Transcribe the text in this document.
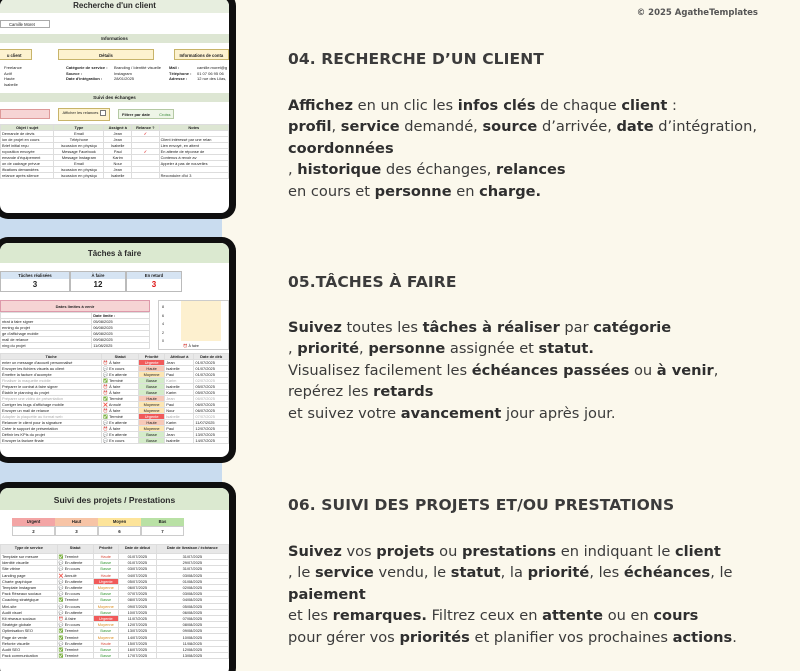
© 2025 AgatheTemplates
Recherche d'un client
Camille Moret
Informations
u client	Détails	Informations de conta
Freelance
Actif
Haute
Isabelle
Catégorie de service :
Source :
Date d'intégration :
Branding / Identité visuelle
Instagram
28/01/2025
Mail :
Téléphone :
Adresse :
camille.moret@g
01 07 06 95 06
12 rue des Lilas,
Suivi des échanges
Afficher les relances	Filtrer par date Croiss
Objet / sujet	Type	Assigné à	Relance ?	Notes
Demande de devis	Email	Jean	✓	
ion de projet en cours	Téléphone	Jean		Client intéressé par une relan
Brief initial reçu	iscussion en physiqu	Isabelle		Lien envoyé, en attent
roposition envoyée	Message Facebook	Paul	✓	En attente de réponse de
emande d'équipement	Message Instagram	Karim		Contenus à revoir av
on de cadrage prévue	Email	Nour		Appeler à pas de nouvelles
ifications demandées	iscussion en physiqu	Jean		
relance après silence	iscussion en physiqu	Isabelle		Reconduire d'ici 3
Tâches à faire
Tâches réalisées
3
À faire
12
En retard
3
Dates limites à venir
	Date limite :
ntrat à faire signer	05/08/2025
enning du projet	06/08/2025
ge d'affichage mobile	08/08/2025
mail de relance	09/08/2025
ning du projet	11/08/2025
8
6
4
2
0
⏰ À faire
Tâche	Statut	Priorité	Attribué à	Date de déb
enter un message d'accueil personnalisé	⏰ À faire	Urgente	Jean	01/07/2025
Envoyer les fichiers visuels au client	💬 En cours	Haute	Isabelle	01/07/2025
Émettre la facture d'acompte	💬 En attente	Moyenne	Paul	01/07/2025
Finaliser la maquette mobile	✅ Terminé	Basse	Karim	02/07/2025
Préparer le contrat à faire signer	⏰ À faire	Basse	Isabelle	05/07/2025
Établir le planning du projet	⏰ À faire	Basse	Karim	05/07/2025
Préparer une vidéo de présentation	✅ Terminé	Haute	Jean	06/07/2025
Corriger les bugs d'affichage mobile	❌ Annulé	Moyenne	Paul	06/07/2025
Envoyer un mail de relance	⏰ À faire	Moyenne	Nour	06/07/2025
Adapter la plaquette au format web	✅ Terminé	Urgente	Isabelle	07/07/2025
Relancer le client pour la signature	💬 En attente	Haute	Karim	11/07/2025
Créer le support de présentation	⏰ À faire	Moyenne	Paul	12/07/2025
Définir les KPIs du projet	💬 En attente	Basse	Jean	13/07/2025
Envoyer la facture finale	💬 En cours	Basse	Isabelle	14/07/2025
Suivi des projets / Prestations
Urgent	Haut	Moyen	Bas
2	3	6	7
Type de service	Statut	Priorité	Date de début	Date de livraison / échéance
Template sur mesure	✅ Terminé	Haute	01/07/2025	31/07/2025
Identité visuelle	💬 En attente	Basse	01/07/2025	29/07/2025
Site vitrine	💬 En cours	Basse	03/07/2025	31/07/2025
Landing page	❌ Annulé	Haute	04/07/2025	03/08/2025
Charte graphique	💬 En attente	Urgente	05/07/2025	01/08/2025
Template Instagram	💬 En attente	Moyenne	06/07/2025	02/08/2025
Pack Réseaux sociaux	💬 En cours	Basse	07/07/2025	03/08/2025
Coaching stratégique	✅ Terminé	Basse	08/07/2025	04/08/2025
Mini-site	💬 En cours	Moyenne	09/07/2025	05/08/2025
Audit visuel	💬 En attente	Basse	10/07/2025	06/08/2025
Kit réseaux sociaux	⏰ À faire	Urgente	11/07/2025	07/08/2025
Stratégie globale	💬 En cours	Moyenne	12/07/2025	08/08/2025
Optimisation SEO	✅ Terminé	Basse	13/07/2025	09/08/2025
Page de vente	✅ Terminé	Moyenne	14/07/2025	10/08/2025
Refonte visuelle	💬 En attente	Haute	15/07/2025	11/08/2025
Audit SEO	✅ Terminé	Basse	16/07/2025	12/08/2025
Pack communication	✅ Terminé	Basse	17/07/2025	13/08/2025
04. RECHERCHE D’UN CLIENT

Affichez en un clic les infos clés de chaque client :
profil, service demandé, source d’arrivée, date d’intégration, coordonnées
, historique des échanges, relances
en cours et personne en charge.

05.TÂCHES À FAIRE

Suivez toutes les tâches à réaliser par catégorie
, priorité, personne assignée et statut.
Visualisez facilement les échéances passées ou à venir, repérez les retards
et suivez votre avancement jour après jour.

06. SUIVI DES PROJETS ET/OU PRESTATIONS

Suivez vos projets ou prestations en indiquant le client
, le service vendu, le statut, la priorité, les échéances, le paiement
et les remarques. Filtrez ceux en attente ou en cours
pour gérer vos priorités et planifier vos prochaines actions.
